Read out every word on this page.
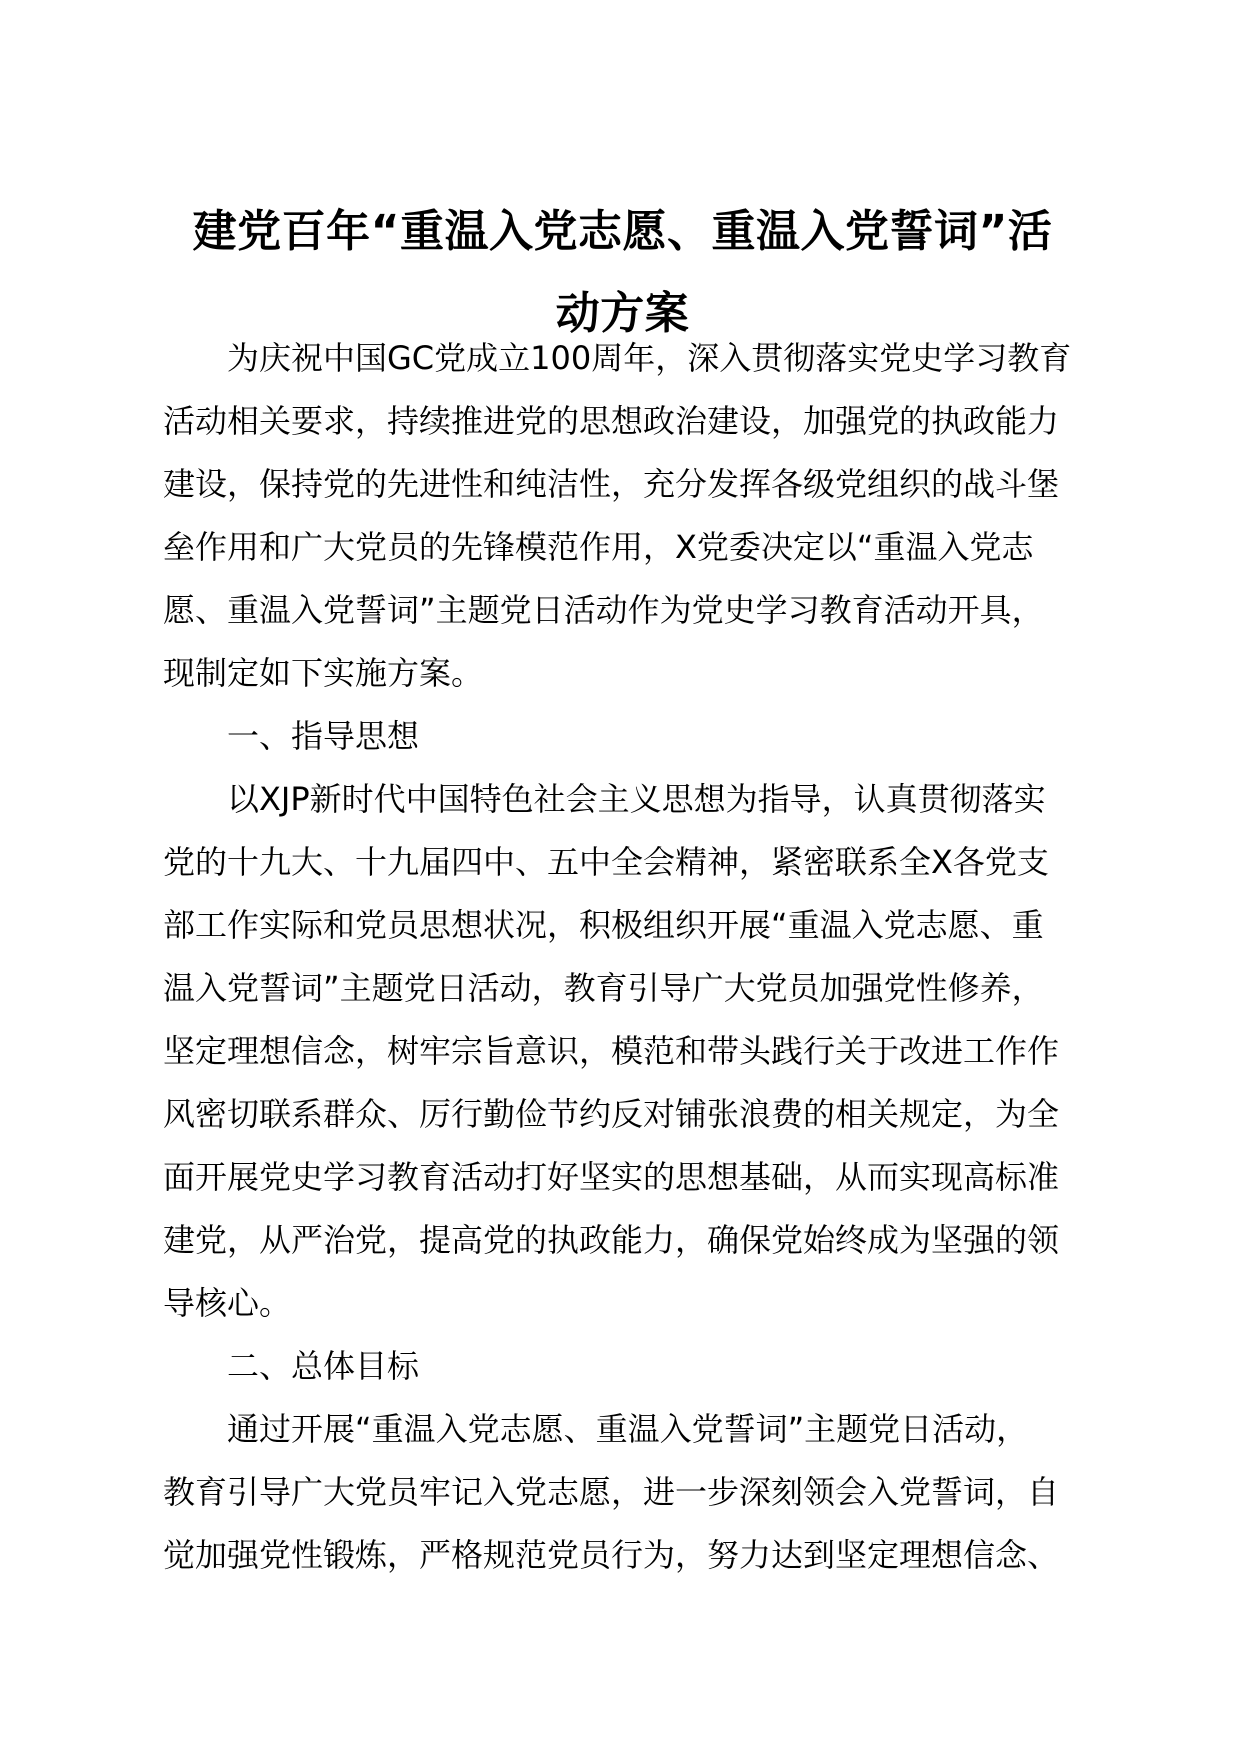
建党百年“重温入党志愿、重温入党誓词”活
动方案
为庆祝中国GC党成立100周年，深入贯彻落实党史学习教育
活动相关要求，持续推进党的思想政治建设，加强党的执政能力
建设，保持党的先进性和纯洁性，充分发挥各级党组织的战斗堡
垒作用和广大党员的先锋模范作用，X党委决定以“重温入党志
愿、重温入党誓词”主题党日活动作为党史学习教育活动开具，
现制定如下实施方案。
一、指导思想
以XJP新时代中国特色社会主义思想为指导，认真贯彻落实
党的十九大、十九届四中、五中全会精神，紧密联系全X各党支
部工作实际和党员思想状况，积极组织开展“重温入党志愿、重
温入党誓词”主题党日活动，教育引导广大党员加强党性修养，
坚定理想信念，树牢宗旨意识，模范和带头践行关于改进工作作
风密切联系群众、厉行勤俭节约反对铺张浪费的相关规定，为全
面开展党史学习教育活动打好坚实的思想基础，从而实现高标准
建党，从严治党，提高党的执政能力，确保党始终成为坚强的领
导核心。
二、总体目标
通过开展“重温入党志愿、重温入党誓词”主题党日活动，
教育引导广大党员牢记入党志愿，进一步深刻领会入党誓词，自
觉加强党性锻炼，严格规范党员行为，努力达到坚定理想信念、
